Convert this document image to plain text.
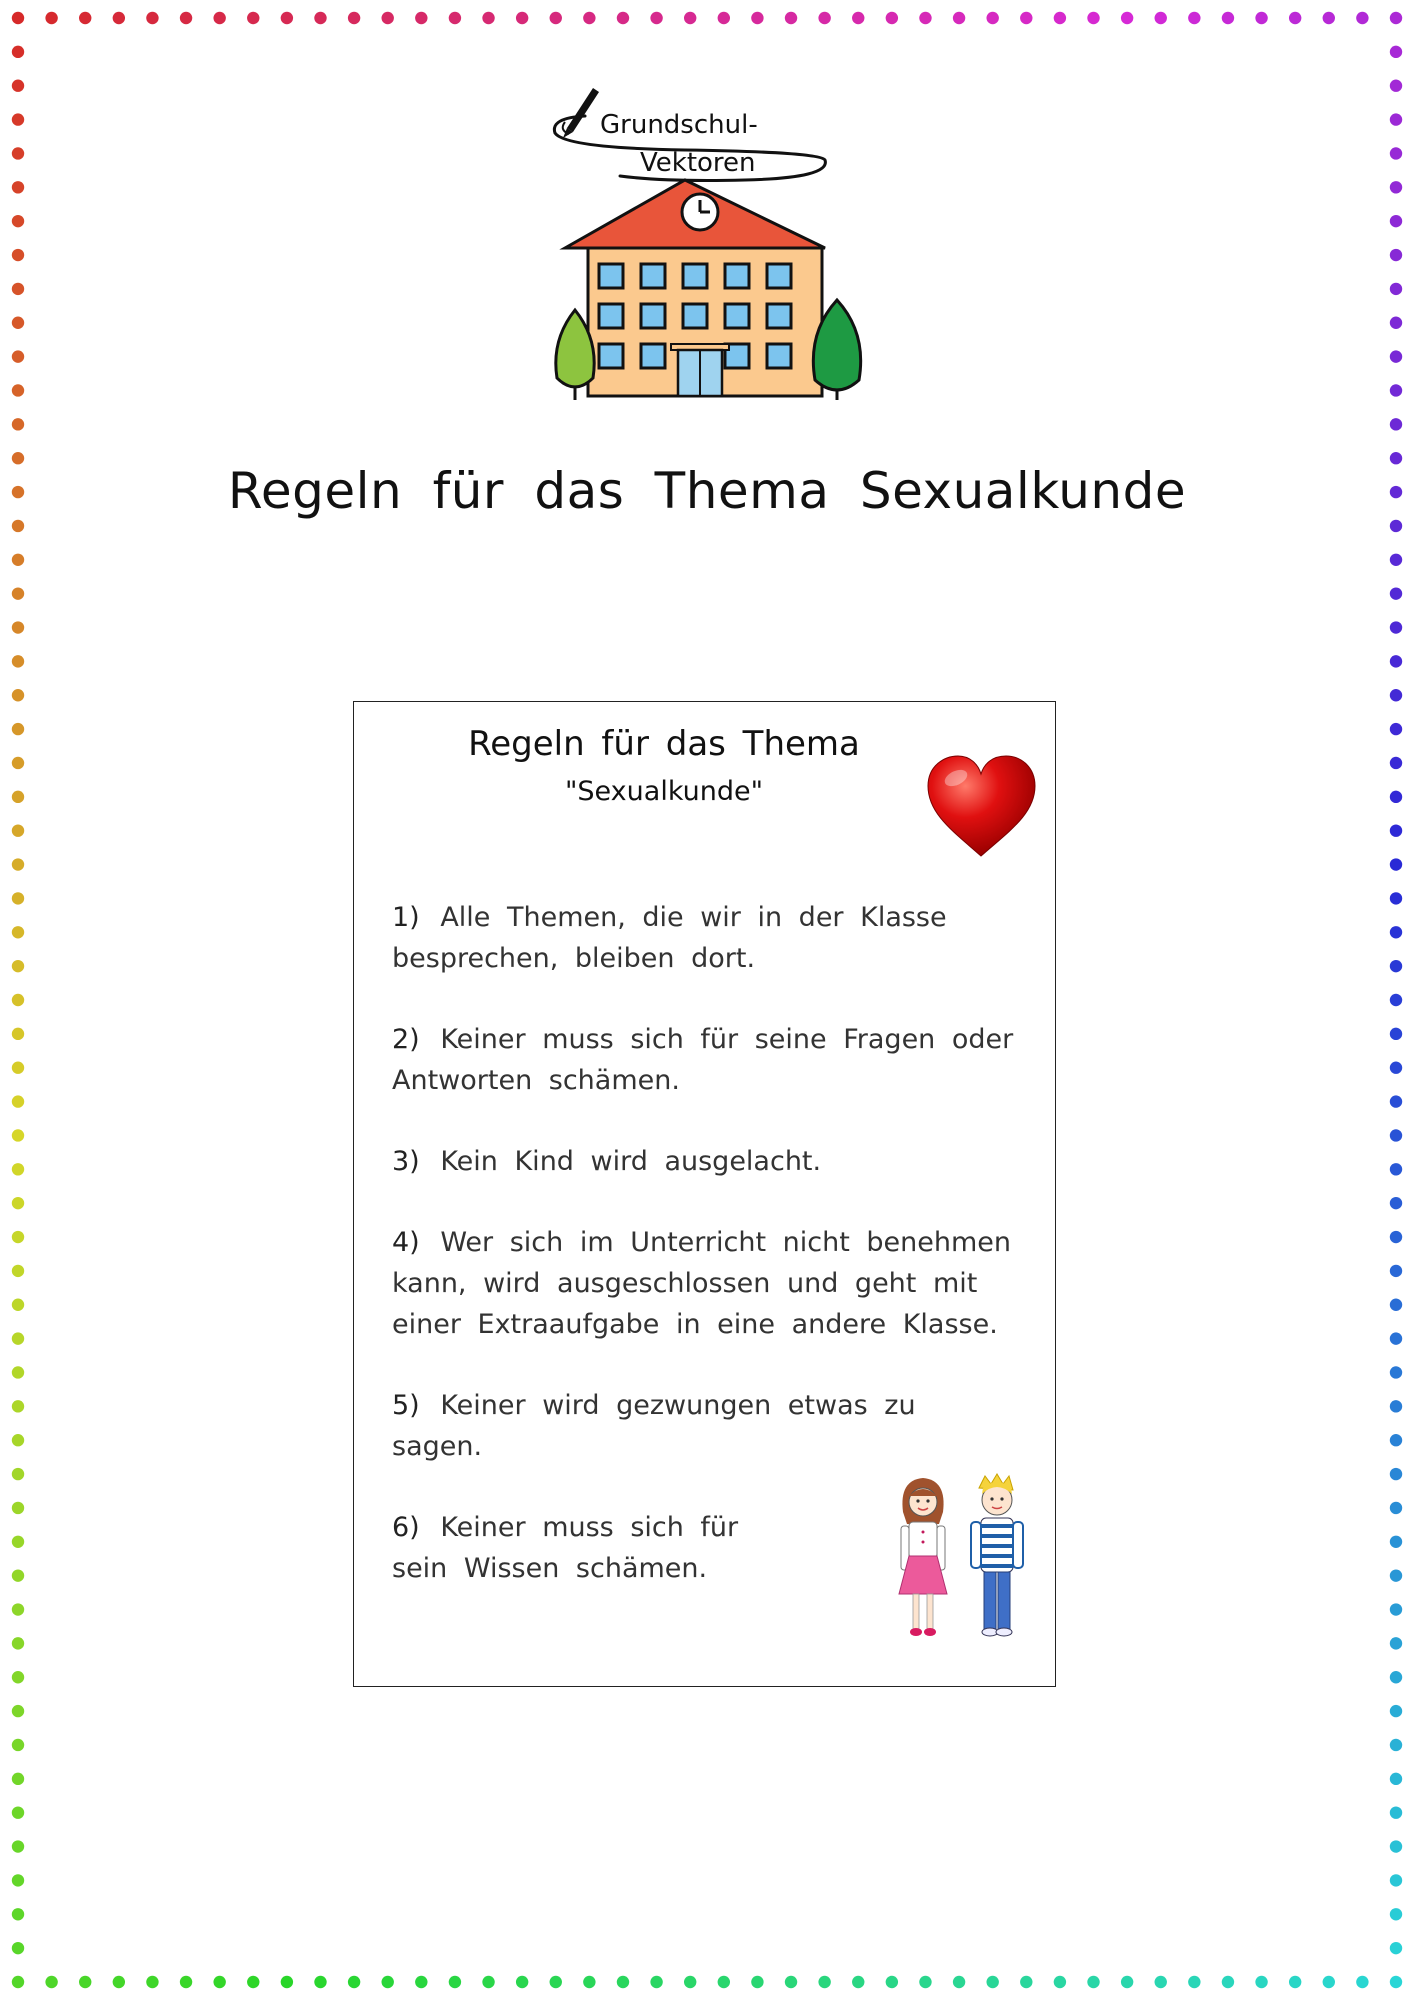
Grundschul-
Vektoren
Regeln für das Thema Sexualkunde
Regeln für das Thema
"Sexualkunde"
1) Alle Themen, die wir in der Klasse besprechen, bleiben dort.
2) Keiner muss sich für seine Fragen oder Antworten schämen.
3) Kein Kind wird ausgelacht.
4) Wer sich im Unterricht nicht benehmen kann, wird ausgeschlossen und geht mit einer Extraaufgabe in eine andere Klasse.
5) Keiner wird gezwungen etwas zu sagen.
6) Keiner muss sich für sein Wissen schämen.
